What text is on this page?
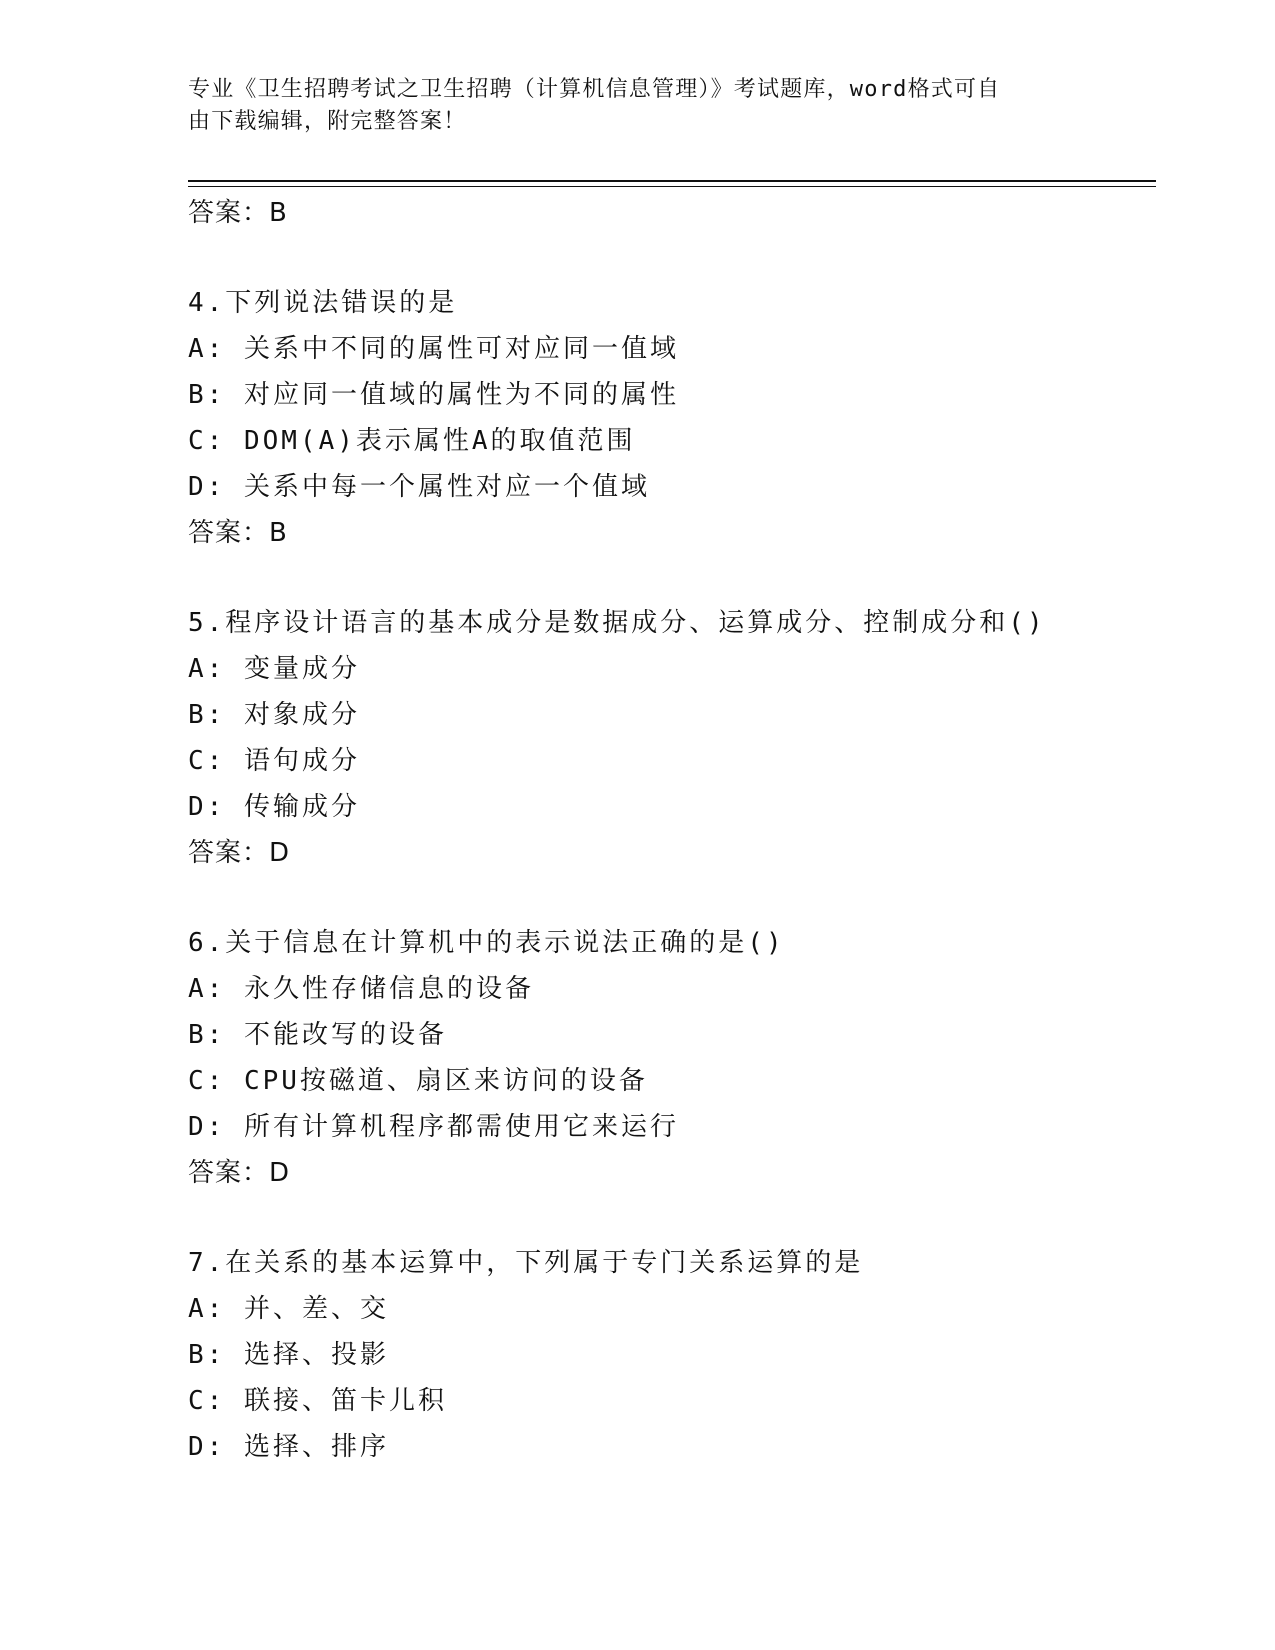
专业《卫生招聘考试之卫生招聘（计算机信息管理）》考试题库，word格式可自
由下载编辑，附完整答案！
答案：B
4.下列说法错误的是
A: 关系中不同的属性可对应同一值域
B: 对应同一值域的属性为不同的属性
C: DOM(A)表示属性A的取值范围
D: 关系中每一个属性对应一个值域
答案：B
5.程序设计语言的基本成分是数据成分、运算成分、控制成分和()
A: 变量成分
B: 对象成分
C: 语句成分
D: 传输成分
答案：D
6.关于信息在计算机中的表示说法正确的是()
A: 永久性存储信息的设备
B: 不能改写的设备
C: CPU按磁道、扇区来访问的设备
D: 所有计算机程序都需使用它来运行
答案：D
7.在关系的基本运算中，下列属于专门关系运算的是
A: 并、差、交
B: 选择、投影
C: 联接、笛卡儿积
D: 选择、排序
